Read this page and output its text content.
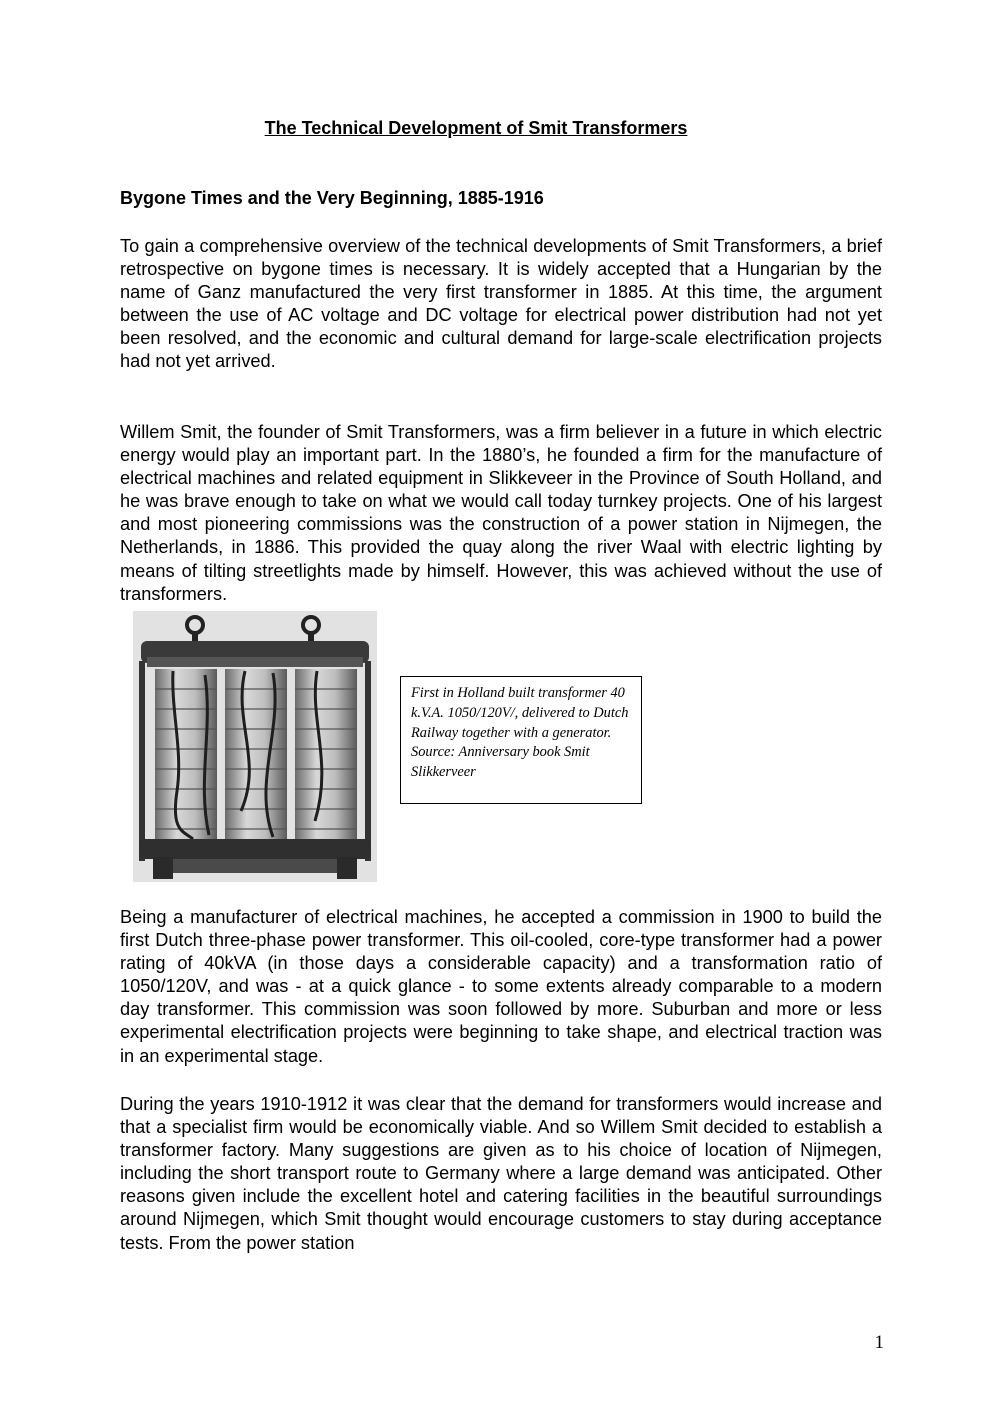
The Technical Development of Smit Transformers
Bygone Times and the Very Beginning, 1885-1916

To gain a comprehensive overview of the technical developments of Smit Transformers, a brief retrospective on bygone times is necessary. It is widely accepted that a Hungarian by the name of Ganz manufactured the very first transformer in 1885. At this time, the argument between the use of AC voltage and DC voltage for electrical power distribution had not yet been resolved, and the economic and cultural demand for large-scale electrification projects had not yet arrived.

Willem Smit, the founder of Smit Transformers, was a firm believer in a future in which electric energy would play an important part. In the 1880’s, he founded a firm for the manufacture of electrical machines and related equipment in Slikkeveer in the Province of South Holland, and he was brave enough to take on what we would call today turnkey projects. One of his largest and most pioneering commissions was the construction of a power station in Nijmegen, the Netherlands, in 1886. This provided the quay along the river Waal with electric lighting by means of tilting streetlights made by himself. However, this was achieved without the use of transformers.

First in Holland built transformer 40 k.V.A. 1050/120V/, delivered to Dutch Railway together with a generator. Source: Anniversary book Smit Slikkerveer

Being a manufacturer of electrical machines, he accepted a commission in 1900 to build the first Dutch three-phase power transformer. This oil-cooled, core-type transformer had a power rating of 40kVA (in those days a considerable capacity) and a transformation ratio of 1050/120V, and was - at a quick glance - to some extents already comparable to a modern day transformer. This commission was soon followed by more. Suburban and more or less experimental electrification projects were beginning to take shape, and electrical traction was in an experimental stage.

During the years 1910-1912 it was clear that the demand for transformers would increase and that a specialist firm would be economically viable. And so Willem Smit decided to establish a transformer factory. Many suggestions are given as to his choice of location of Nijmegen, including the short transport route to Germany where a large demand was anticipated. Other reasons given include the excellent hotel and catering facilities in the beautiful surroundings around Nijmegen, which Smit thought would encourage customers to stay during acceptance tests. From the power station

1
